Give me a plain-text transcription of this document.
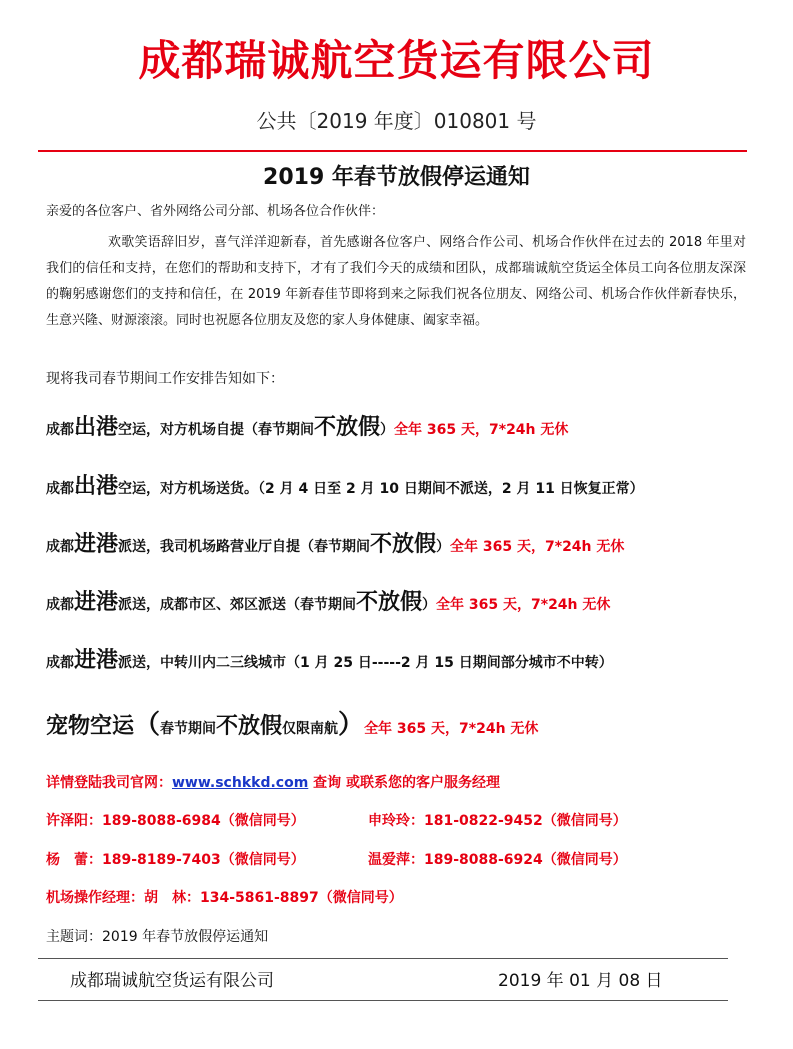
成都瑞诚航空货运有限公司
公共〔2019 年度〕010801 号
2019 年春节放假停运通知
亲爱的各位客户、省外网络公司分部、机场各位合作伙伴：

欢歌笑语辞旧岁，喜气洋洋迎新春，首先感谢各位客户、网络合作公司、机场合作伙伴在过去的 2018 年里对我们的信任和支持，在您们的帮助和支持下，才有了我们今天的成绩和团队，成都瑞诚航空货运全体员工向各位朋友深深的鞠躬感谢您们的支持和信任，在 2019 年新春佳节即将到来之际我们祝各位朋友、网络公司、机场合作伙伴新春快乐，生意兴隆、财源滚滚。同时也祝愿各位朋友及您的家人身体健康、阖家幸福。

现将我司春节期间工作安排告知如下：
成都出港空运，对方机场自提（春节期间不放假）全年 365 天，7*24h 无休
成都出港空运，对方机场送货。（2 月 4 日至 2 月 10 日期间不派送，2 月 11 日恢复正常）
成都进港派送，我司机场路营业厅自提（春节期间不放假）全年 365 天，7*24h 无休
成都进港派送，成都市区、郊区派送（春节期间不放假）全年 365 天，7*24h 无休
成都进港派送，中转川内二三线城市（1 月 25 日-----2 月 15 日期间部分城市不中转）
宠物空运（春节期间不放假仅限南航）全年 365 天，7*24h 无休
详情登陆我司官网：www.schkkd.com 查询 或联系您的客户服务经理
许泽阳：189-8088-6984（微信同号）	申玲玲：181-0822-9452（微信同号）
杨　蕾：189-8189-7403（微信同号）	温爱萍：189-8088-6924（微信同号）
机场操作经理：胡　林：134-5861-8897（微信同号）
主题词：2019 年春节放假停运通知
成都瑞诚航空货运有限公司	2019 年 01 月 08 日
